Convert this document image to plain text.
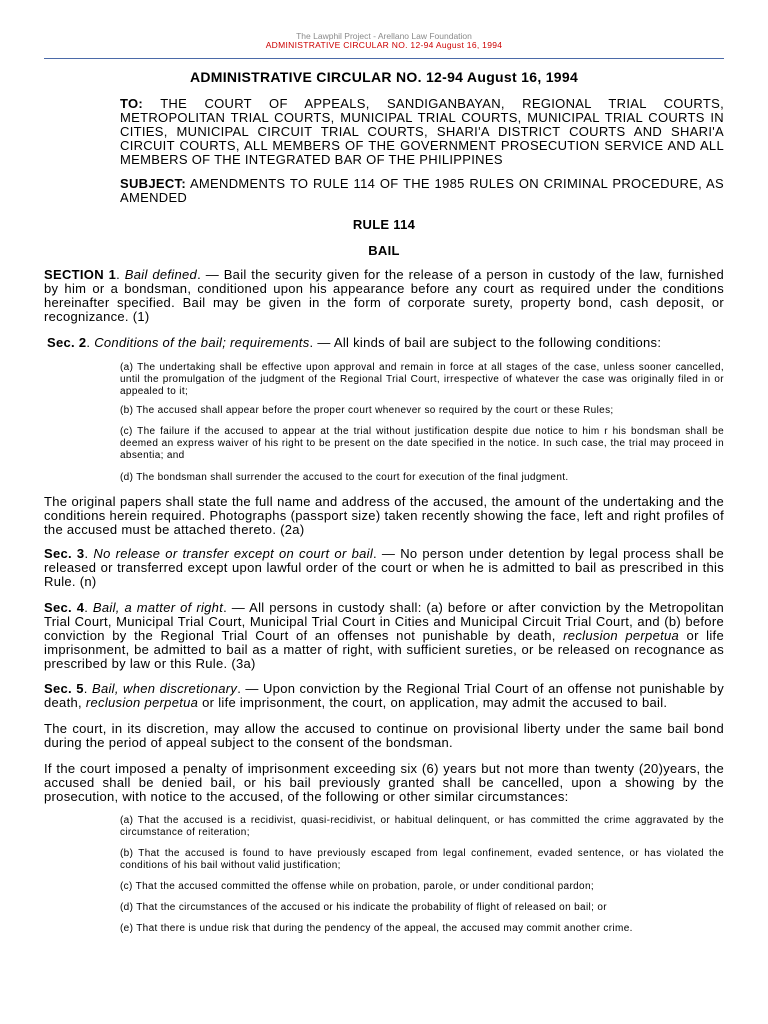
The Lawphil Project - Arellano Law Foundation

ADMINISTRATIVE CIRCULAR NO. 12-94 August 16, 1994

ADMINISTRATIVE CIRCULAR NO. 12-94 August 16, 1994

TO: THE COURT OF APPEALS, SANDIGANBAYAN, REGIONAL TRIAL COURTS, METROPOLITAN TRIAL COURTS, MUNICIPAL TRIAL COURTS, MUNICIPAL TRIAL COURTS IN CITIES, MUNICIPAL CIRCUIT TRIAL COURTS, SHARI'A DISTRICT COURTS AND SHARI'A CIRCUIT COURTS, ALL MEMBERS OF THE GOVERNMENT PROSECUTION SERVICE AND ALL MEMBERS OF THE INTEGRATED BAR OF THE PHILIPPINES

SUBJECT: AMENDMENTS TO RULE 114 OF THE 1985 RULES ON CRIMINAL PROCEDURE, AS AMENDED

RULE 114

BAIL

SECTION 1. Bail defined. — Bail the security given for the release of a person in custody of the law, furnished by him or a bondsman, conditioned upon his appearance before any court as required under the conditions hereinafter specified. Bail may be given in the form of corporate surety, property bond, cash deposit, or recognizance. (1)

Sec. 2. Conditions of the bail; requirements. — All kinds of bail are subject to the following conditions:

(a) The undertaking shall be effective upon approval and remain in force at all stages of the case, unless sooner cancelled, until the promulgation of the judgment of the Regional Trial Court, irrespective of whatever the case was originally filed in or appealed to it;

(b) The accused shall appear before the proper court whenever so required by the court or these Rules;

(c) The failure if the accused to appear at the trial without justification despite due notice to him r his bondsman shall be deemed an express waiver of his right to be present on the date specified in the notice. In such case, the trial may proceed in absentia; and

(d) The bondsman shall surrender the accused to the court for execution of the final judgment.

The original papers shall state the full name and address of the accused, the amount of the undertaking and the conditions herein required. Photographs (passport size) taken recently showing the face, left and right profiles of the accused must be attached thereto. (2a)

Sec. 3. No release or transfer except on court or bail. — No person under detention by legal process shall be released or transferred except upon lawful order of the court or when he is admitted to bail as prescribed in this Rule. (n)

Sec. 4. Bail, a matter of right. — All persons in custody shall: (a) before or after conviction by the Metropolitan Trial Court, Municipal Trial Court, Municipal Trial Court in Cities and Municipal Circuit Trial Court, and (b) before conviction by the Regional Trial Court of an offenses not punishable by death, reclusion perpetua or life imprisonment, be admitted to bail as a matter of right, with sufficient sureties, or be released on recognance as prescribed by law or this Rule. (3a)

Sec. 5. Bail, when discretionary. — Upon conviction by the Regional Trial Court of an offense not punishable by death, reclusion perpetua or life imprisonment, the court, on application, may admit the accused to bail.

The court, in its discretion, may allow the accused to continue on provisional liberty under the same bail bond during the period of appeal subject to the consent of the bondsman.

If the court imposed a penalty of imprisonment exceeding six (6) years but not more than twenty (20)years, the accused shall be denied bail, or his bail previously granted shall be cancelled, upon a showing by the prosecution, with notice to the accused, of the following or other similar circumstances:

(a) That the accused is a recidivist, quasi-recidivist, or habitual delinquent, or has committed the crime aggravated by the circumstance of reiteration;

(b) That the accused is found to have previously escaped from legal confinement, evaded sentence, or has violated the conditions of his bail without valid justification;

(c) That the accused committed the offense while on probation, parole, or under conditional pardon;

(d) That the circumstances of the accused or his indicate the probability of flight of released on bail; or

(e) That there is undue risk that during the pendency of the appeal, the accused may commit another crime.
